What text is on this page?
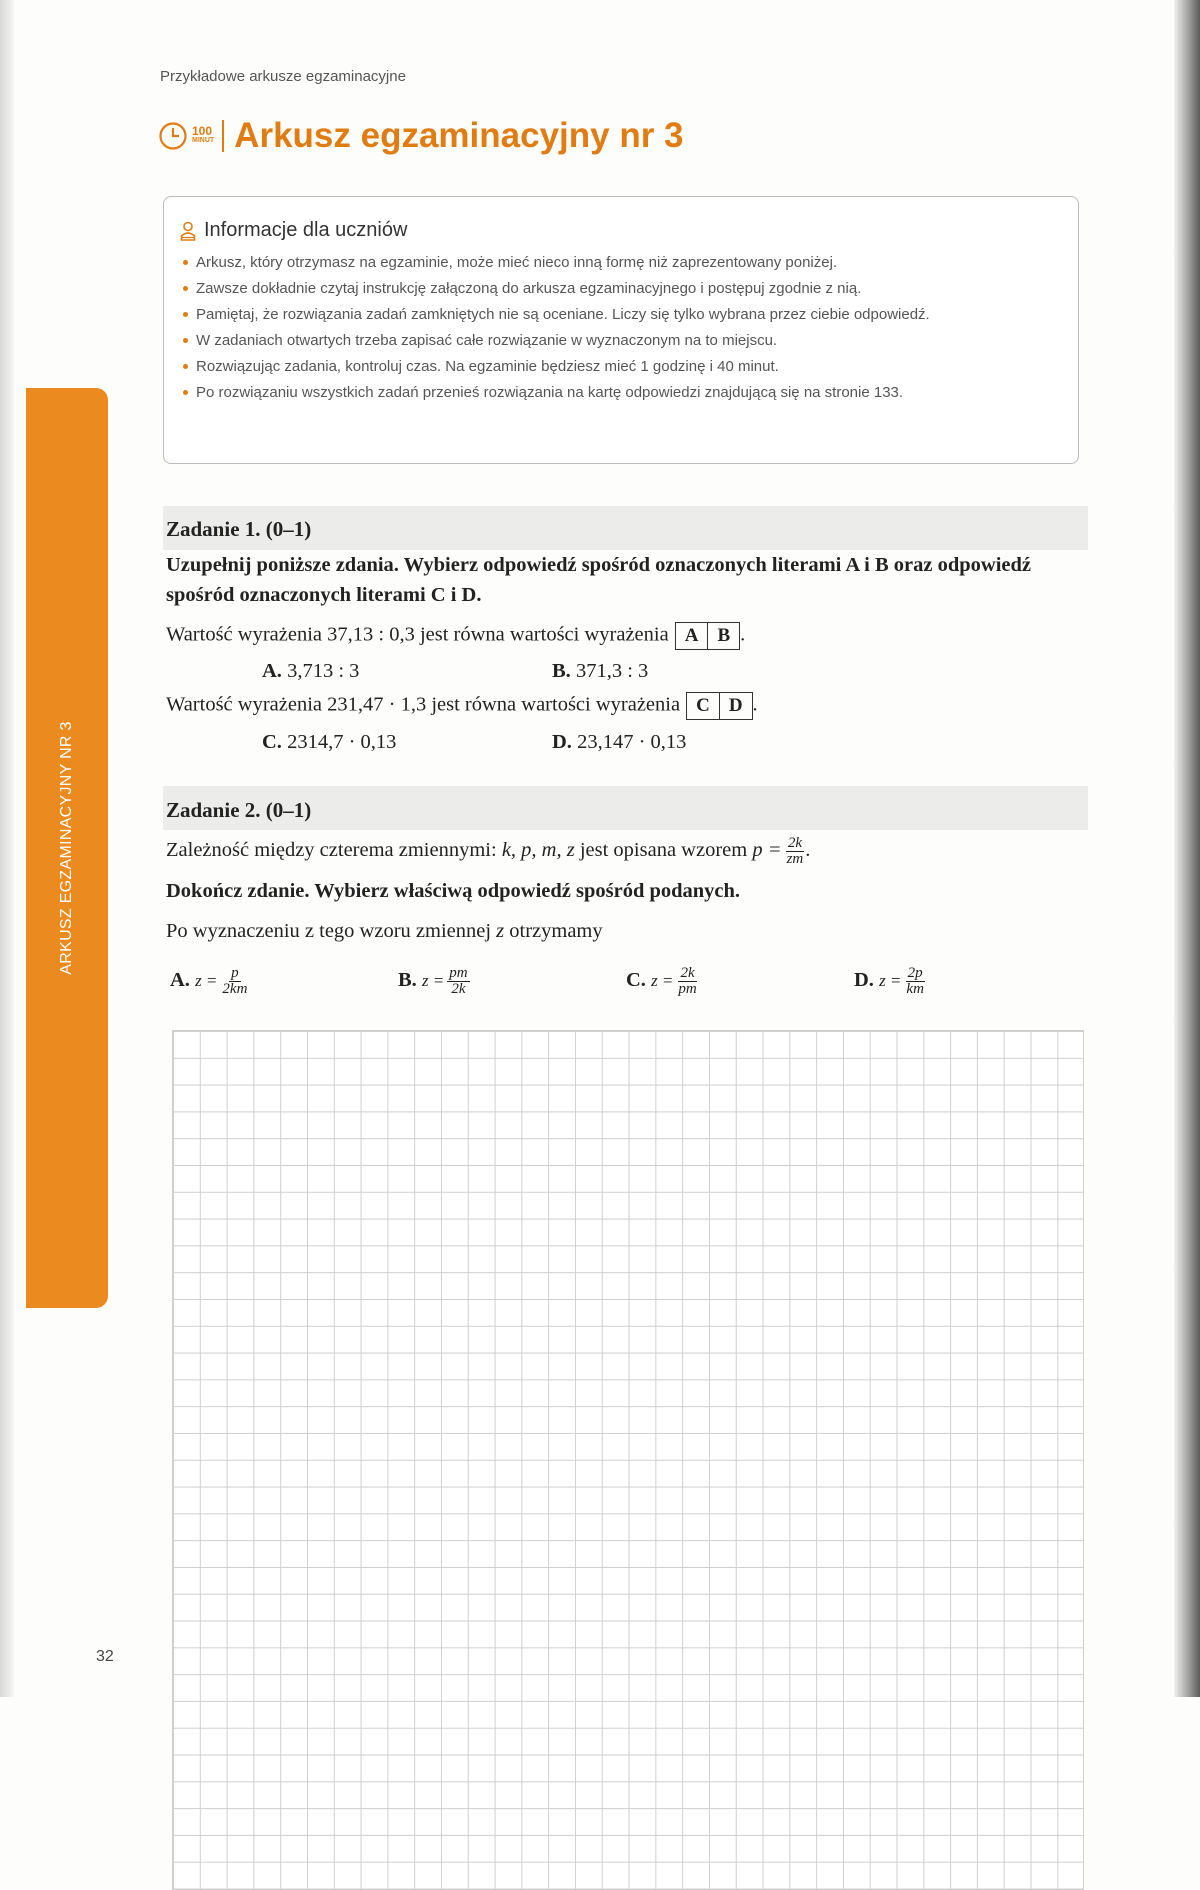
Przykładowe arkusze egzaminacyjne
100
MINUT Arkusz egzaminacyjny nr 3
Informacje dla uczniów
Arkusz, który otrzymasz na egzaminie, może mieć nieco inną formę niż zaprezentowany poniżej.
Zawsze dokładnie czytaj instrukcję załączoną do arkusza egzaminacyjnego i postępuj zgodnie z nią.
Pamiętaj, że rozwiązania zadań zamkniętych nie są oceniane. Liczy się tylko wybrana przez ciebie odpowiedź.
W zadaniach otwartych trzeba zapisać całe rozwiązanie w wyznaczonym na to miejscu.
Rozwiązując zadania, kontroluj czas. Na egzaminie będziesz mieć 1 godzinę i 40 minut.
Po rozwiązaniu wszystkich zadań przenieś rozwiązania na kartę odpowiedzi znajdującą się na stronie 133.
ARKUSZ EGZAMINACYJNY NR 3
Zadanie 1. (0–1)
Uzupełnij poniższe zdania. Wybierz odpowiedź spośród oznaczonych literami A i B oraz odpowiedź spośród oznaczonych literami C i D.
Wartość wyrażenia 37,13 : 0,3 jest równa wartości wyrażenia A	B .
A. 3,713 : 3	B. 371,3 : 3
Wartość wyrażenia 231,47 · 1,3 jest równa wartości wyrażenia C	D .
C. 2314,7 · 0,13	D. 23,147 · 0,13
Zadanie 2. (0–1)
Zależność między czterema zmiennymi: k, p, m, z jest opisana wzorem $p = \frac{2k}{zm}$ .
Dokończ zdanie. Wybierz właściwą odpowiedź spośród podanych.
Po wyznaczeniu z tego wzoru zmiennej z otrzymamy
A. $z = \frac{p}{2km}$	B. $z = \frac{pm}{2k}$	C. $z = \frac{2k}{pm}$	D. $z = \frac{2p}{km}$
32
